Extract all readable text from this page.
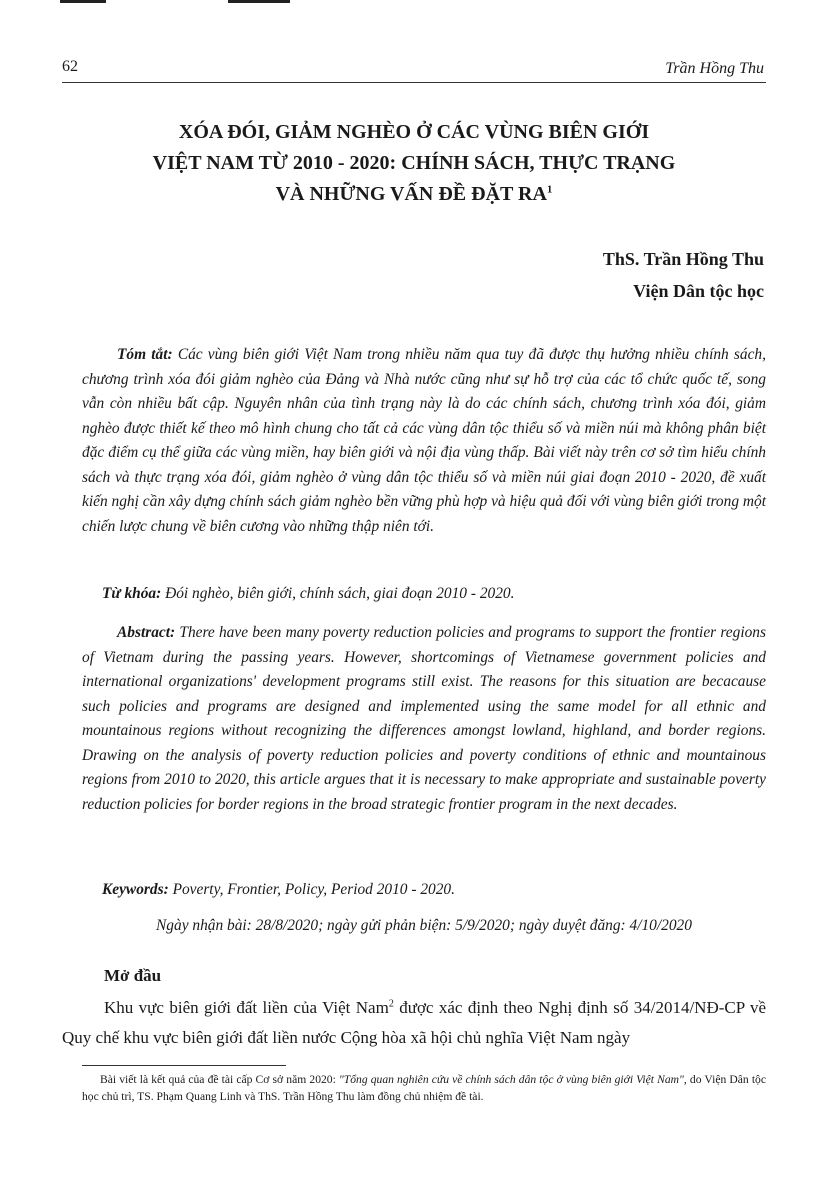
62	Trần Hồng Thu
XÓA ĐÓI, GIẢM NGHÈO Ở CÁC VÙNG BIÊN GIỚI
VIỆT NAM TỪ 2010 - 2020: CHÍNH SÁCH, THỰC TRẠNG
VÀ NHỮNG VẤN ĐỀ ĐẶT $RA^1$
ThS. Trần Hồng Thu
Viện Dân tộc học

Tóm tắt: Các vùng biên giới Việt Nam trong nhiều năm qua tuy đã được thụ hưởng nhiều chính sách, chương trình xóa đói giảm nghèo của Đảng và Nhà nước cũng như sự hỗ trợ của các tổ chức quốc tế, song vẫn còn nhiều bất cập. Nguyên nhân của tình trạng này là do các chính sách, chương trình xóa đói, giảm nghèo được thiết kế theo mô hình chung cho tất cả các vùng dân tộc thiểu số và miền núi mà không phân biệt đặc điểm cụ thể giữa các vùng miền, hay biên giới và nội địa vùng thấp. Bài viết này trên cơ sở tìm hiểu chính sách và thực trạng xóa đói, giảm nghèo ở vùng dân tộc thiểu số và miền núi giai đoạn 2010 - 2020, đề xuất kiến nghị cần xây dựng chính sách giảm nghèo bền vững phù hợp và hiệu quả đối với vùng biên giới trong một chiến lược chung về biên cương vào những thập niên tới.

Từ khóa: Đói nghèo, biên giới, chính sách, giai đoạn 2010 - 2020.

Abstract: There have been many poverty reduction policies and programs to support the frontier regions of Vietnam during the passing years. However, shortcomings of Vietnamese government policies and international organizations' development programs still exist. The reasons for this situation are becacause such policies and programs are designed and implemented using the same model for all ethnic and mountainous regions without recognizing the differences amongst lowland, highland, and border regions. Drawing on the analysis of poverty reduction policies and poverty conditions of ethnic and mountainous regions from 2010 to 2020, this article argues that it is necessary to make appropriate and sustainable poverty reduction policies for border regions in the broad strategic frontier program in the next decades.

Keywords: Poverty, Frontier, Policy, Period 2010 - 2020.

Ngày nhận bài: 28/8/2020; ngày gửi phản biện: 5/9/2020; ngày duyệt đăng: 4/10/2020

Mở đầu

Khu vực biên giới đất liền của Việt Nam$^2$ được xác định theo Nghị định số 34/2014/NĐ-CP về Quy chế khu vực biên giới đất liền nước Cộng hòa xã hội chủ nghĩa Việt Nam ngày

Bài viết là kết quả của đề tài cấp Cơ sở năm 2020: "Tổng quan nghiên cứu về chính sách dân tộc ở vùng biên giới Việt Nam", do Viện Dân tộc học chủ trì, TS. Phạm Quang Linh và ThS. Trần Hồng Thu làm đồng chủ nhiệm đề tài.
